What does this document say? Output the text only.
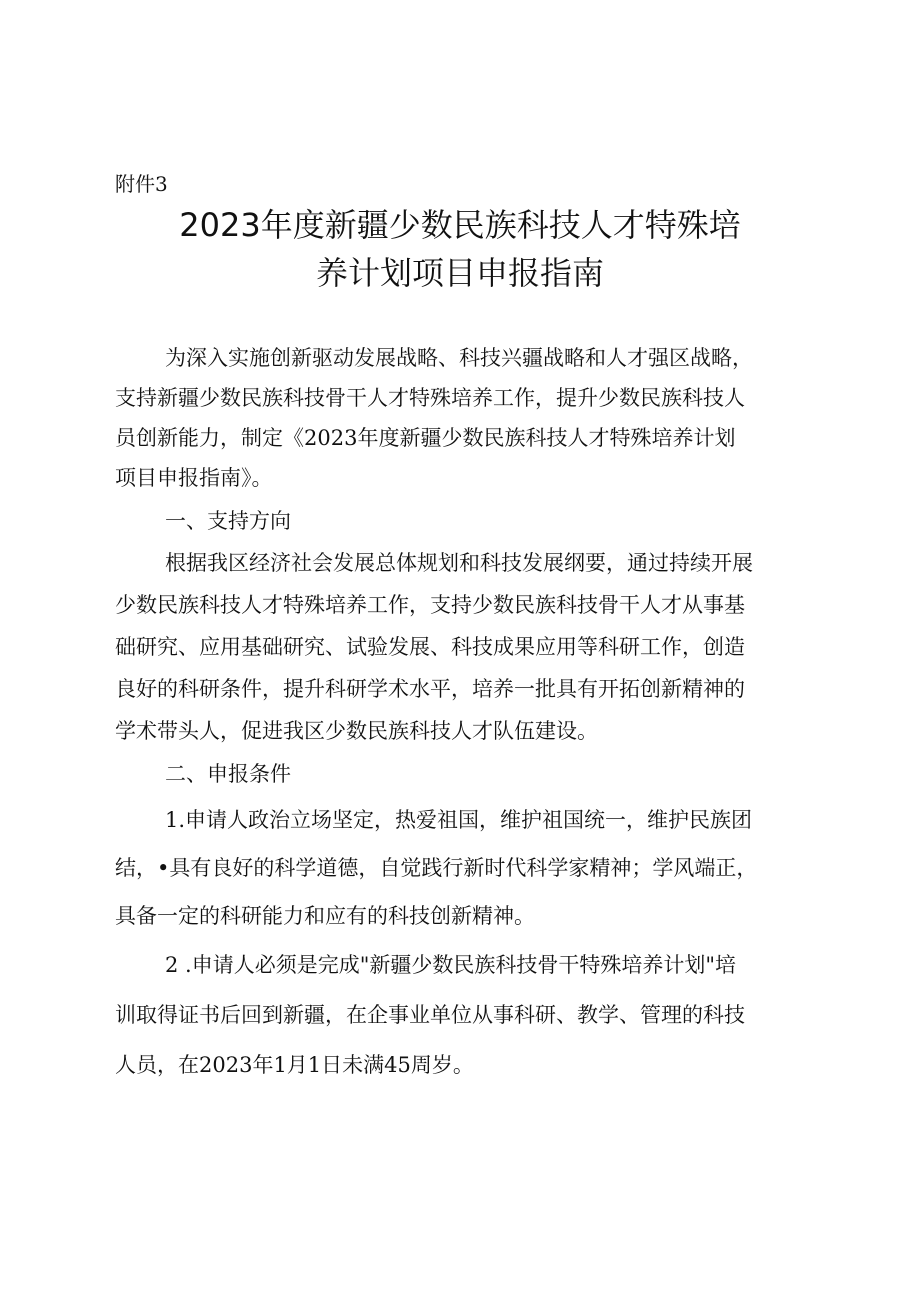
附件3
2023年度新疆少数民族科技人才特殊培
养计划项目申报指南
为深入实施创新驱动发展战略、科技兴疆战略和人才强区战略，
支持新疆少数民族科技骨干人才特殊培养工作，提升少数民族科技人
员创新能力，制定《2023年度新疆少数民族科技人才特殊培养计划
项目申报指南》。
一、支持方向
根据我区经济社会发展总体规划和科技发展纲要，通过持续开展
少数民族科技人才特殊培养工作，支持少数民族科技骨干人才从事基
础研究、应用基础研究、试验发展、科技成果应用等科研工作，创造
良好的科研条件，提升科研学术水平，培养一批具有开拓创新精神的
学术带头人，促进我区少数民族科技人才队伍建设。
二、申报条件
1.申请人政治立场坚定，热爱祖国，维护祖国统一，维护民族团
结，•具有良好的科学道德，自觉践行新时代科学家精神；学风端正，
具备一定的科研能力和应有的科技创新精神。
2 .申请人必须是完成"新疆少数民族科技骨干特殊培养计划"培
训取得证书后回到新疆，在企事业单位从事科研、教学、管理的科技
人员，在2023年1月1日未满45周岁。
